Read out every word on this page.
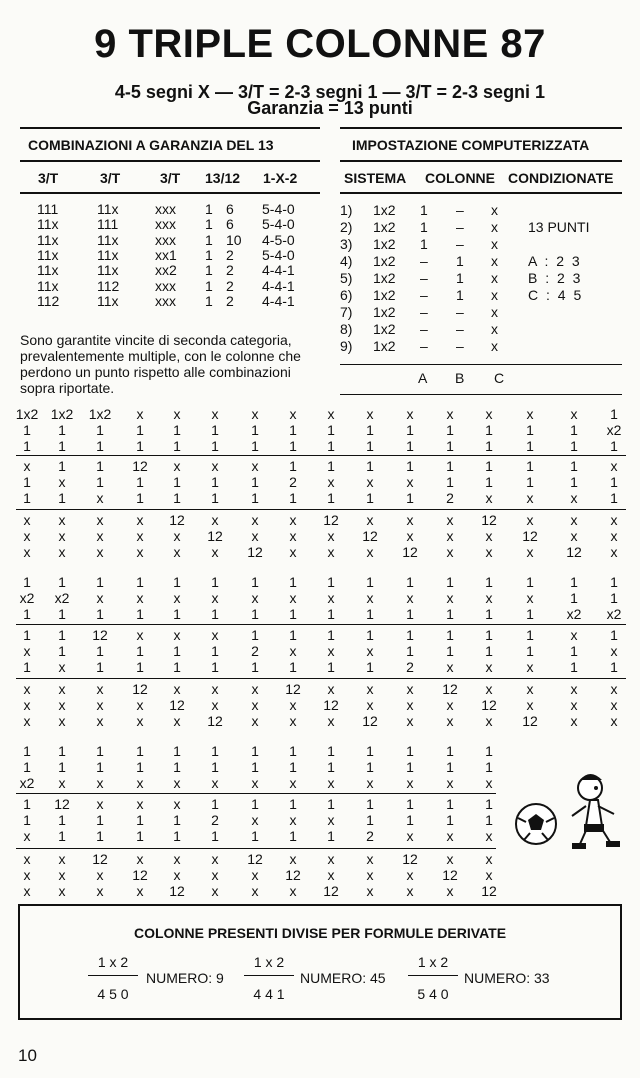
9 TRIPLE COLONNE 87
4-5 segni X — 3/T = 2-3 segni 1 — 3/T = 2-3 segni 1
Garanzia = 13 punti
COMBINAZIONI A GARANZIA DEL 13
3/T	3/T	3/T 13/12 1-X-2
111	11x	xxx 1 6 5-4-0
11x	111	xxx 1 6 5-4-0
11x	11x	xxx 1 10 4-5-0
11x	11x	xx1 1 2 5-4-0
11x	11x	xx2 1 2 4-4-1
11x	112	xxx 1 2 4-4-1
112	11x	xxx 1 2 4-4-1
IMPOSTAZIONE COMPUTERIZZATA
SISTEMA COLONNE CONDIZIONATE
1) 1x2 1 – x
2) 1x2 1 – x
3) 1x2 1 – x
4) 1x2 – 1 x
5) 1x2 – 1 x
6) 1x2 – 1 x
7) 1x2 – – x
8) 1x2 – – x
9) 1x2 – – x
13 PUNTI
A : 2 3
B : 2 3
C : 4 5
A B C
Sono garantite vincite di seconda categoria, prevalentemente multiple, con le colonne che perdono un punto rispetto alle combinazioni sopra riportate.
1x2 1x2 1x2 x x x x x x x x x x x	x 1
1 1 1 1 1 1 1 1 1 1 1 1 1 1	1 x2
1 1 1 1 1 1 1 1 1 1 1 1 1 1	1 1
x 1 1 12 x x x 1 1 1 1 1 1 1	1 x
1 x 1 1 1 1 1 2 x x x 1 1 1	1 1
1 1 x 1 1 1 1 1 1 1 1 2 x x	x 1
x x x x 12 x x x 12 x x x 12 x	x x
x x x x x 12 x x x 12 x x x 12 x x
x x x x x x 12 x x x 12 x x x 12 x
1 1 1 1 1 1 1 1 1 1 1 1 1 1	1 1
x2 x2 x x x x x x x x x x x x	1 1
1 1 1 1 1 1 1 1 1 1 1 1 1 1 x2 x2
1 1 12 x x x 1 1 1 1 1 1 1 1	x 1
x 1 1 1 1 1 2 x x x 1 1 1 1	1 x
1 x 1 1 1 1 1 1 1 1 2 x x x	1 1
x x x 12 x x x 12 x x x 12 x x	x x
x x x x 12 x x x 12 x x x 12 x	x x
x x x x x 12 x x x 12 x x x 12 x x
1 1 1 1 1 1 1 1 1 1 1 1 1
1 1 1 1 1 1 1 1 1 1 1 1 1
x2 x x x x x x x x x x x x
1 12 x x x 1 1 1 1 1 1 1 1
1 1 1 1 1 2 x x x 1 1 1 1
x 1 1 1 1 1 1 1 1 2 x x x
x x 12 x x x 12 x x x 12 x x
x x x 12 x x x 12 x x x 12 x
x x x x 12 x x x 12 x x x 12
COLONNE PRESENTI DIVISE PER FORMULE DERIVATE
1 x 2
4 5 0
NUMERO: 9
1 x 2
4 4 1
NUMERO: 45
1 x 2
5 4 0
NUMERO: 33
10
